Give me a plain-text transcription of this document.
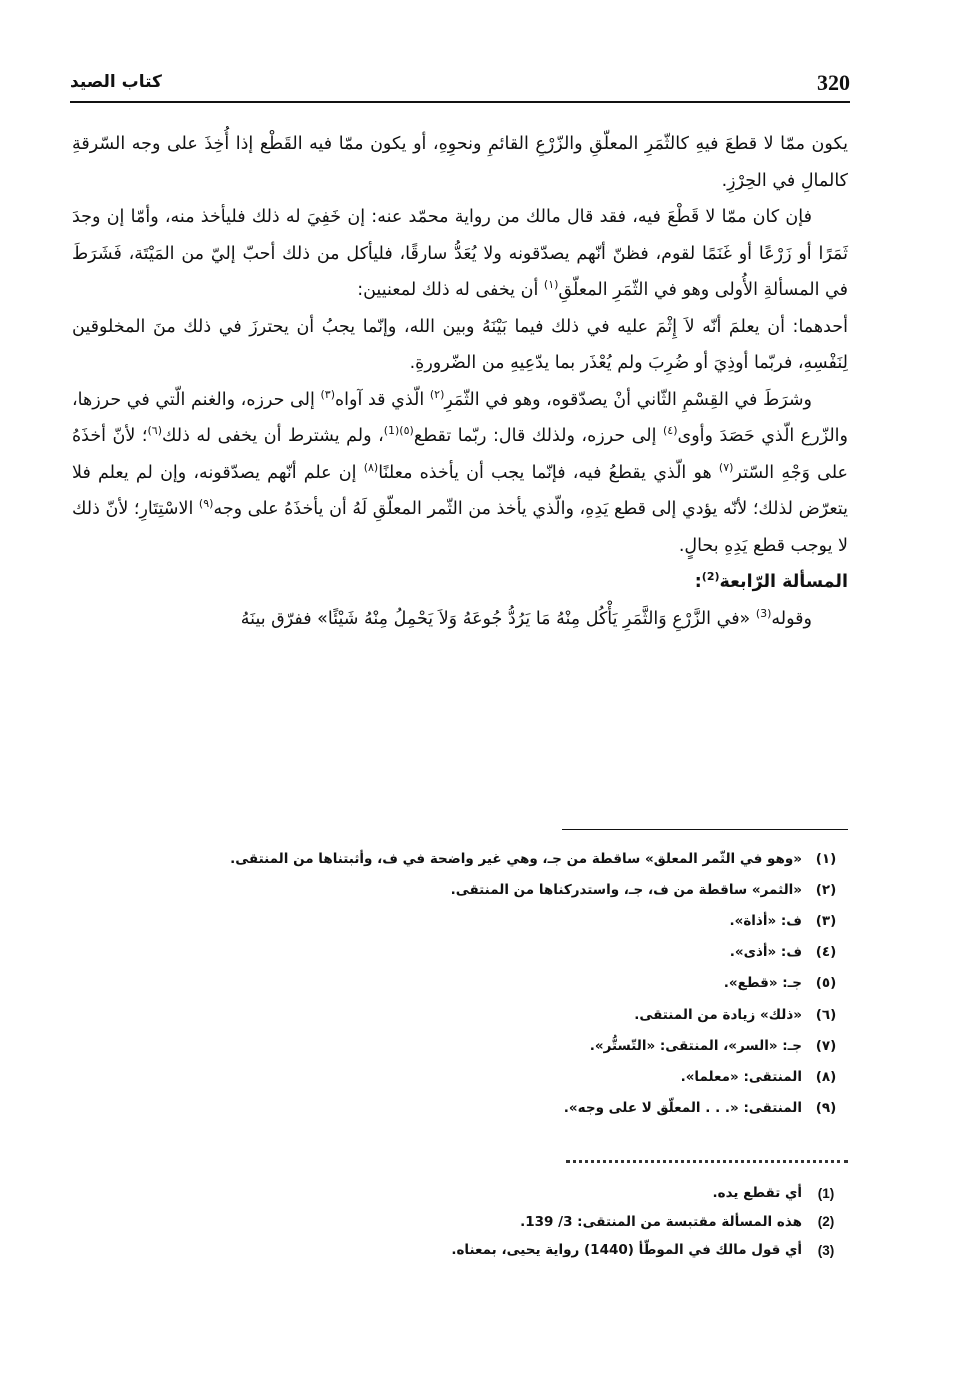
320
كتاب الصيد

يكون ممّا لا قطعَ فيهِ كالثّمَرِ المعلّقِ والزّرْعِ القائمِ ونحوِهِ، أو يكون ممّا فيه القَطْع إذا أُخِذَ على وجه السّرقةِ كالمالِ في الحِرْزِ.

فإن كان ممّا لا قَطْعَ فيه، فقد قال مالك من رواية محمّد عنه: إن خَفِيَ له ذلك فليأخذ منه، وأمّا إن وجدَ ثَمَرًا أو زَرْعًا أو غَنَمًا لقوم، فظنّ أنّهم يصدّقونه ولا يُعَدُّ سارقًا، فليأكل من ذلك أحبّ إليّ من المَيْتَة، فَشَرَطَ في المسألةِ الأُولى وهو في الثّمَرِ المعلّقِ$^{(١)}$ أن يخفى له ذلك لمعنيين:

أحدهما: أن يعلمَ أنّه لاَ إِثْمَ عليه في ذلك فيما بَيْنَهُ وبين الله، وإنّما يجبُ أن يحترزَ في ذلك منَ المخلوقين لِنَفْسِهِ، فربّما أوذِيَ أو ضُرِبَ ولم يُعْذَر بما يدّعِيهِ من الضّرورةِ.

وشرَطَ في القِسْمِ الثّاني أنْ يصدّقوه، وهو في الثّمَرِ$^{(٢)}$ الّذي قد آواه$^{(٣)}$ إلى حرزه، والغنم الّتي في حرزها، والزّرع الّذي حَصَدَ وأوى$^{(٤)}$ إلى حرزه، ولذلك قال: ربّما تقطع$^{(٥)(1)}$، ولم يشترط أن يخفى له ذلك$^{(٦)}$؛ لأنّ أخذَهُ على وَجْهِ السّتر$^{(٧)}$ هو الّذي يقطعُ فيه، فإنّما يجب أن يأخذه معلنًا$^{(٨)}$ إن علم أنّهم يصدّقونه، وإن لم يعلم فلا يتعرّض لذلك؛ لأنّه يؤدي إلى قطع يَدِهِ، والّذي يأخذ من الثّمر المعلّقِ لَهُ أن يأخذَهُ على وجه$^{(٩)}$ الاسْتِتَارِ؛ لأنّ ذلك لا يوجب قطع يَدِهِ بحالٍ.

المسألة الرّابعة$^{(2)}$:

وقوله$^{(3)}$ «في الزَّرْعِ وَالثَّمَرِ يَأْكُل مِنْهُ مَا يَرُدُّ جُوعَهُ وَلاَ يَحْمِلُ مِنْهُ شَيْئًا» ففرّق بينَهُ

(١)
«وهو في الثّمر المعلق» ساقطة من جـ، وهي غير واضحة في ف، وأثبتناها من المنتقى.
(٢)
«الثمر» ساقطة من ف، جـ، واستدركناها من المنتقى.
(٣)
ف: «أذاة».
(٤)
ف: «أذى».
(٥)
جـ: «قطع».
(٦)
«ذلك» زيادة من المنتقى.
(٧)
جـ: «السر»، المنتقى: «التّستُّر».
(٨)
المنتقى: «معلما».
(٩)
المنتقى: «. . . المعلّق لا على وجه».
(1)
أي تقطع يده.
(2)
هذه المسألة مقتبسة من المنتقى: 3/ 139.
(3)
أي قول مالك في الموطّأ (1440) رواية يحيى، بمعناه.
